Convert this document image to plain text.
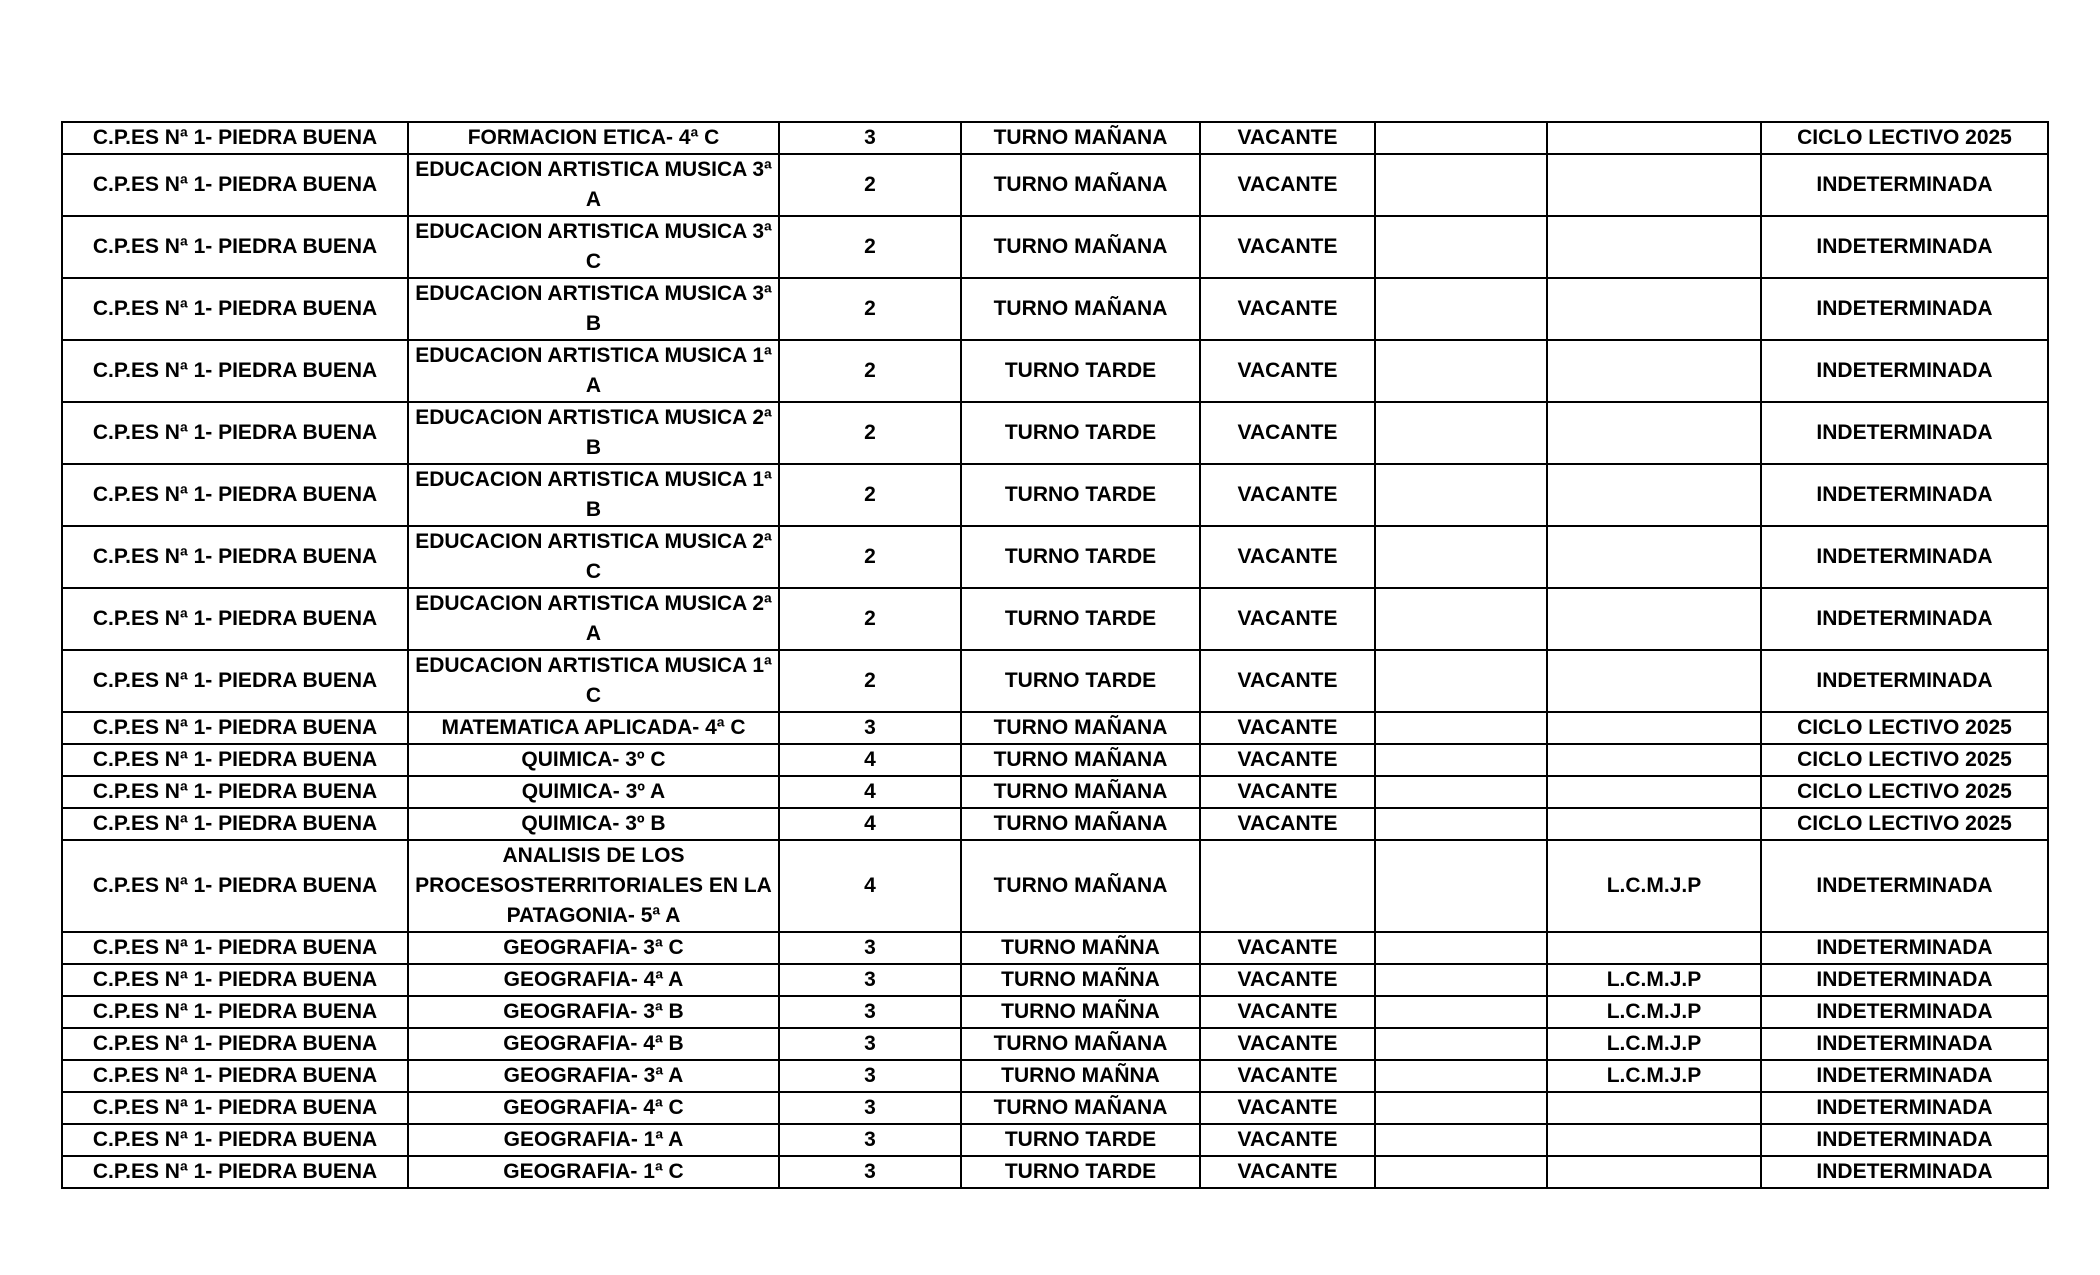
C.P.ES Nª 1- PIEDRA BUENA	FORMACION ETICA- 4ª C	3	TURNO MAÑANA	VACANTE			CICLO LECTIVO 2025
C.P.ES Nª 1- PIEDRA BUENA	EDUCACION ARTISTICA MUSICA 3ª A	2	TURNO MAÑANA	VACANTE			INDETERMINADA
C.P.ES Nª 1- PIEDRA BUENA	EDUCACION ARTISTICA MUSICA 3ª C	2	TURNO MAÑANA	VACANTE			INDETERMINADA
C.P.ES Nª 1- PIEDRA BUENA	EDUCACION ARTISTICA MUSICA 3ª B	2	TURNO MAÑANA	VACANTE			INDETERMINADA
C.P.ES Nª 1- PIEDRA BUENA	EDUCACION ARTISTICA MUSICA 1ª A	2	TURNO TARDE	VACANTE			INDETERMINADA
C.P.ES Nª 1- PIEDRA BUENA	EDUCACION ARTISTICA MUSICA 2ª B	2	TURNO TARDE	VACANTE			INDETERMINADA
C.P.ES Nª 1- PIEDRA BUENA	EDUCACION ARTISTICA MUSICA 1ª B	2	TURNO TARDE	VACANTE			INDETERMINADA
C.P.ES Nª 1- PIEDRA BUENA	EDUCACION ARTISTICA MUSICA 2ª C	2	TURNO TARDE	VACANTE			INDETERMINADA
C.P.ES Nª 1- PIEDRA BUENA	EDUCACION ARTISTICA MUSICA 2ª A	2	TURNO TARDE	VACANTE			INDETERMINADA
C.P.ES Nª 1- PIEDRA BUENA	EDUCACION ARTISTICA MUSICA 1ª C	2	TURNO TARDE	VACANTE			INDETERMINADA
C.P.ES Nª 1- PIEDRA BUENA	MATEMATICA APLICADA- 4ª C	3	TURNO MAÑANA	VACANTE			CICLO LECTIVO 2025
C.P.ES Nª 1- PIEDRA BUENA	QUIMICA- 3º C	4	TURNO MAÑANA	VACANTE			CICLO LECTIVO 2025
C.P.ES Nª 1- PIEDRA BUENA	QUIMICA- 3º A	4	TURNO MAÑANA	VACANTE			CICLO LECTIVO 2025
C.P.ES Nª 1- PIEDRA BUENA	QUIMICA- 3º B	4	TURNO MAÑANA	VACANTE			CICLO LECTIVO 2025
C.P.ES Nª 1- PIEDRA BUENA	ANALISIS DE LOS PROCESOSTERRITORIALES EN LA PATAGONIA- 5ª A	4	TURNO MAÑANA			L.C.M.J.P	INDETERMINADA
C.P.ES Nª 1- PIEDRA BUENA	GEOGRAFIA- 3ª C	3	TURNO MAÑNA	VACANTE			INDETERMINADA
C.P.ES Nª 1- PIEDRA BUENA	GEOGRAFIA- 4ª A	3	TURNO MAÑNA	VACANTE		L.C.M.J.P	INDETERMINADA
C.P.ES Nª 1- PIEDRA BUENA	GEOGRAFIA- 3ª B	3	TURNO MAÑNA	VACANTE		L.C.M.J.P	INDETERMINADA
C.P.ES Nª 1- PIEDRA BUENA	GEOGRAFIA- 4ª B	3	TURNO MAÑANA	VACANTE		L.C.M.J.P	INDETERMINADA
C.P.ES Nª 1- PIEDRA BUENA	GEOGRAFIA- 3ª A	3	TURNO MAÑNA	VACANTE		L.C.M.J.P	INDETERMINADA
C.P.ES Nª 1- PIEDRA BUENA	GEOGRAFIA- 4ª C	3	TURNO MAÑANA	VACANTE			INDETERMINADA
C.P.ES Nª 1- PIEDRA BUENA	GEOGRAFIA- 1ª A	3	TURNO TARDE	VACANTE			INDETERMINADA
C.P.ES Nª 1- PIEDRA BUENA	GEOGRAFIA- 1ª C	3	TURNO TARDE	VACANTE			INDETERMINADA
